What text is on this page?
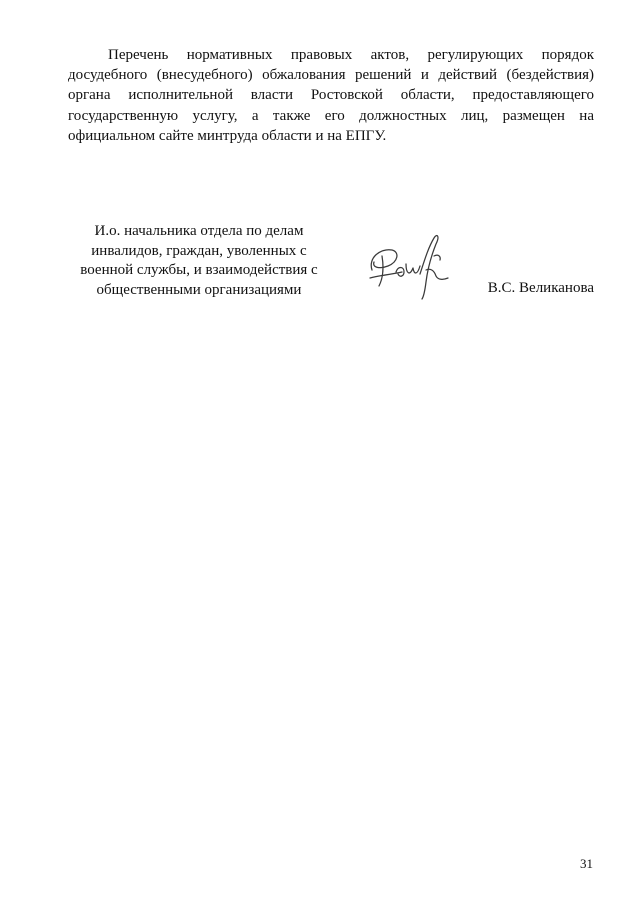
Перечень нормативных правовых актов, регулирующих порядок досудебного (внесудебного) обжалования решений и действий (бездействия) органа исполнительной власти Ростовской области, предоставляющего государственную услугу, а также его должностных лиц, размещен на официальном сайте минтруда области и на ЕПГУ.

И.о. начальника отдела по делам инвалидов, граждан, уволенных с военной службы, и взаимодействия с общественными организациями	В.С. Великанова

31
